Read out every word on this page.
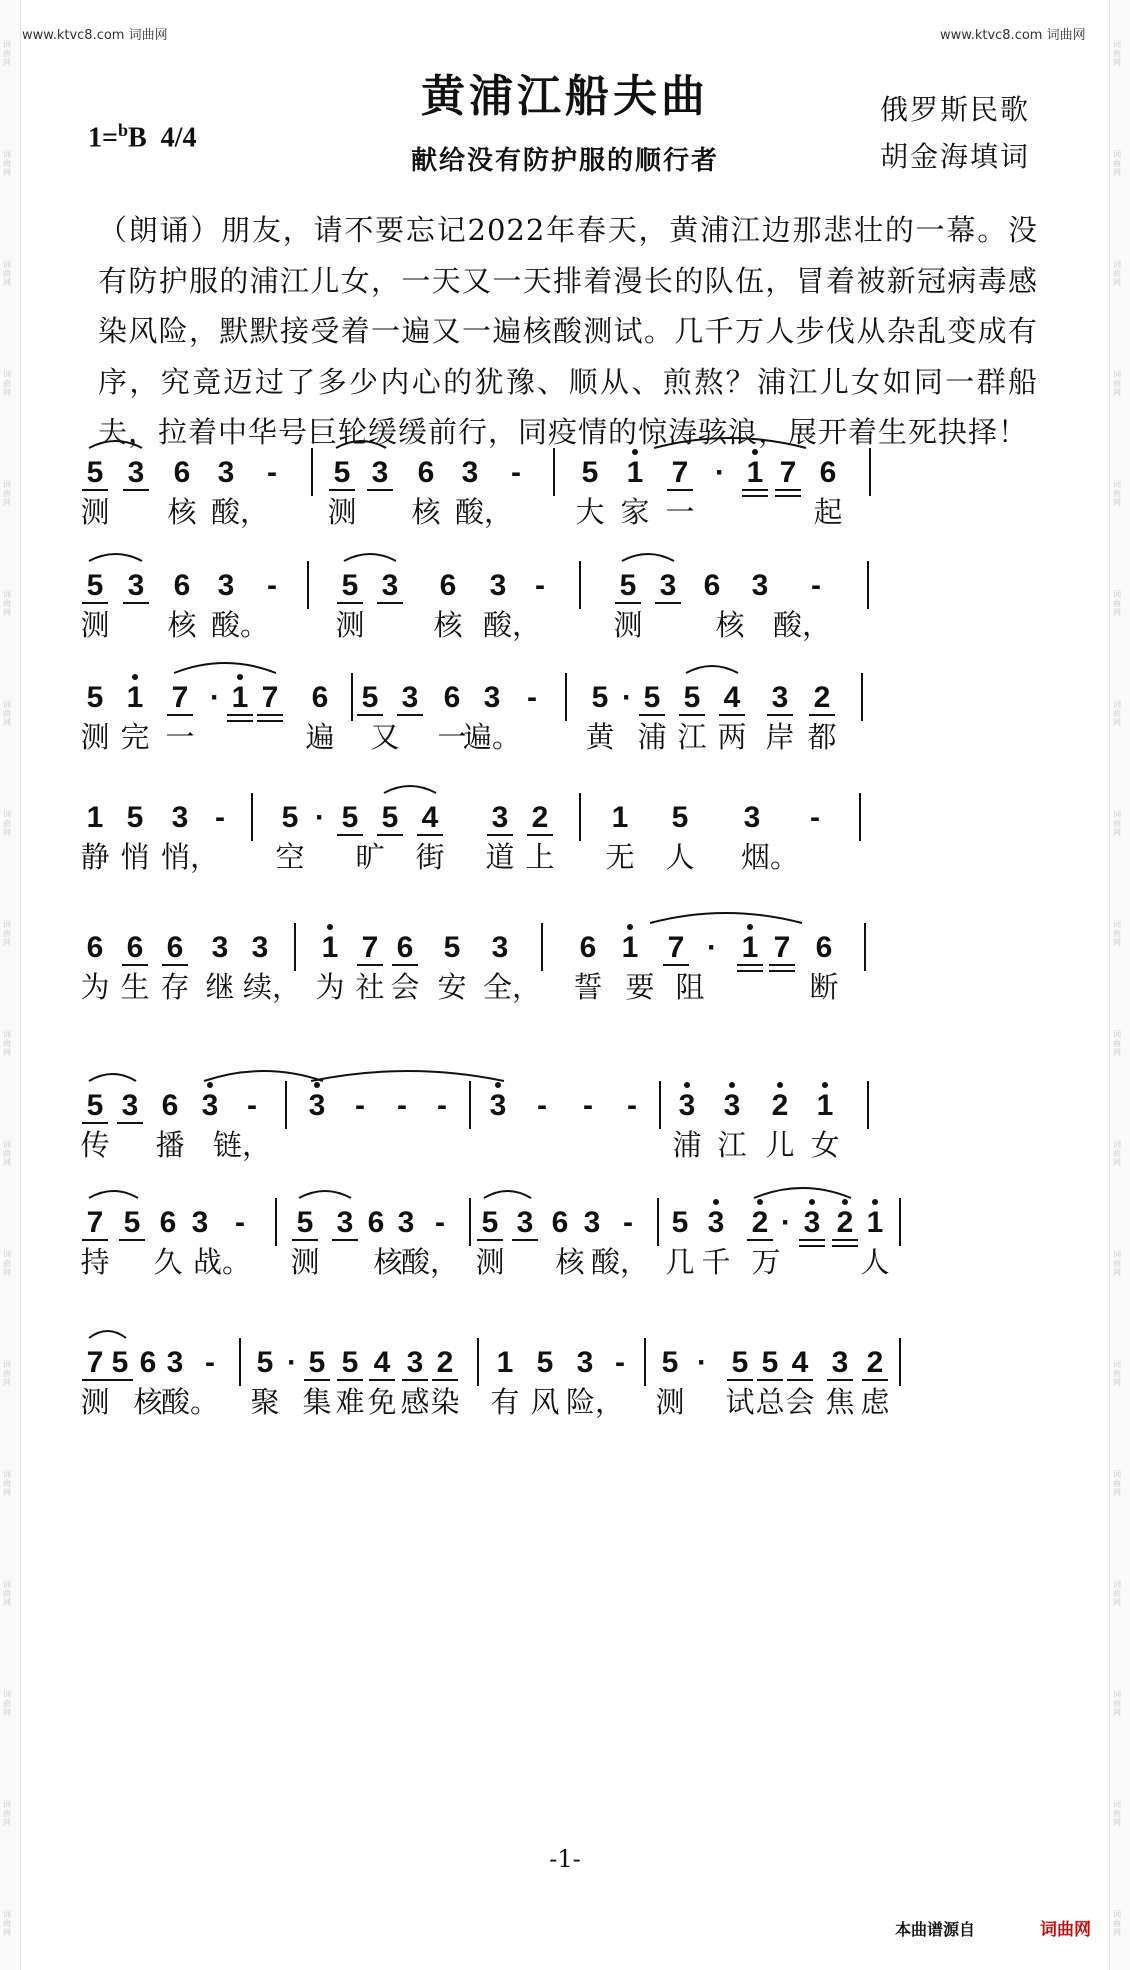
词
曲
网
词
曲
网
词
曲
网
词
曲
网
词
曲
网
词
曲
网
词
曲
网
词
曲
网
词
曲
网
词
曲
网
词
曲
网
词
曲
网
词
曲
网
词
曲
网
词
曲
网
词
曲
网
词
曲
网
词
曲
网
词
曲
网
词
曲
网
词
曲
网
词
曲
网
词
曲
网
词
曲
网
词
曲
网
词
曲
网
词
曲
网
词
曲
网
词
曲
网
词
曲
网
词
曲
网
词
曲
网
词
曲
网
词
曲
网
词
曲
网
词
曲
网
www.ktvc8.com 词曲网	www.ktvc8.com 词曲网
黄浦江船夫曲
献给没有防护服的顺行者
1=$^b$B 4/4
俄罗斯民歌
胡金海填词
（朗诵）朋友，请不要忘记2022年春天，黄浦江边那悲壮的一幕。没有防护服的浦江儿女，一天又一天排着漫长的队伍，冒着被新冠病毒感染风险，默默接受着一遍又一遍核酸测试。几千万人步伐从杂乱变成有序，究竟迈过了多少内心的犹豫、顺从、煎熬？浦江儿女如同一群船夫，拉着中华号巨轮缓缓前行，同疫情的惊涛骇浪，展开着生死抉择！
5 3 6 3 - 5 3 6 3 - 5 1 7 · 1 7 6
测 核 酸， 测 核 酸， 大 家 一	起
5 3 6 3 - 5 3 6 3 - 5 3 6 3 -
测 核 酸。 测 核 酸， 测	核 酸，
5 1 7 · 1 7 6 5 3 6 3 - 5 · 5 5 4 3 2
测 完 一	遍 又 一
遍。 黄 浦 江 两 岸 都
1 5 3 - 5 · 5 5 4 3 2 1 5 3 -
静 悄 悄， 空 旷 街 道 上 无 人 烟。
6 6 6 3 3 1 7 6 5 3 6 1 7 · 1 7 6
为 生 存 继 续， 为 社 会 安 全， 誓 要 阻	断
5 3 6 3 - 3 - - - 3 - - - 3 3 2 1
传 播 链，	浦 江 儿 女
7 5 6 3 - 5 3 6 3 - 5 3 6 3 - 5 3 2 · 3 2 1
持 久 战。 测 核
酸， 测 核 酸， 几 千 万	人
7 5 6 3 - 5 · 5 5 4 3 2 1 5 3 - 5 · 5 5 4 3 2
测 核
酸。 聚 集 难 免 感 染 有 风 险， 测 试 总 会 焦 虑
-1-
本曲谱源自	词曲网
